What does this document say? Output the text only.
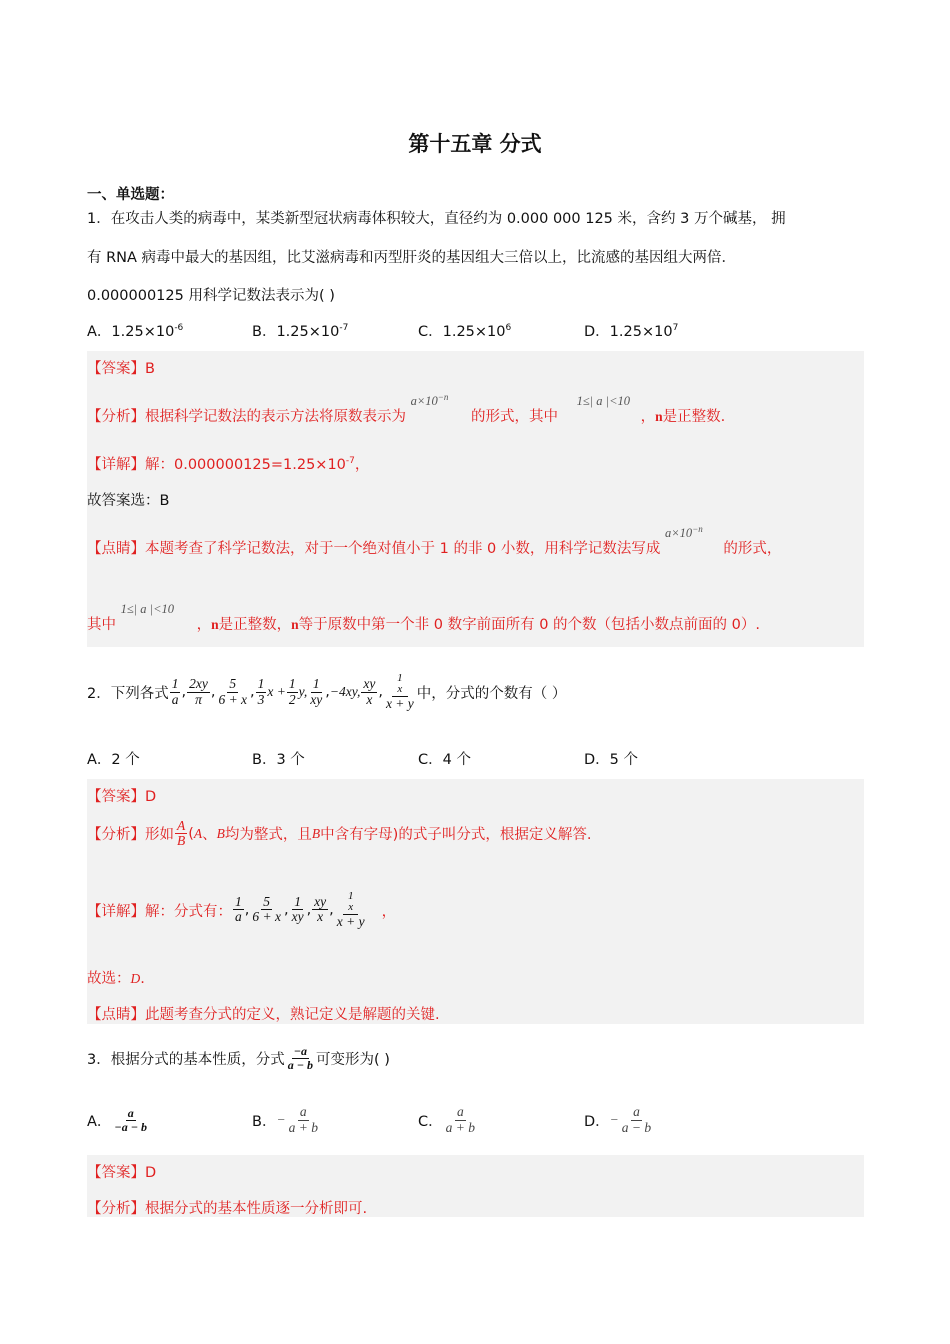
第十五章 分式
一、单选题：
1．在攻击人类的病毒中，某类新型冠状病毒体积较大，直径约为 0.000 000 125 米，含约 3 万个碱基， 拥
有 RNA 病毒中最大的基因组，比艾滋病毒和丙型肝炎的基因组大三倍以上，比流感的基因组大两倍．
0.000000125 用科学记数法表示为( )
A．$1.25\times 10^{-6}$	B．$1.25\times 10^{-7}$	C．$1.25\times 10^6$	D．$1.25\times 10^7$
【答案】B
【分析】根据科学记数法的表示方法将原数表示为 $a\times 10^{-n}$ 的形式，其中 1≤| a |<10 ，n是正整数.
【详解】解：$0.000000125=1.25\times 10^{-7}$，
故答案选：B
【点睛】本题考查了科学记数法，对于一个绝对值小于 1 的非 0 小数，用科学记数法写成 $a\times 10^{-n}$ 的形式，
其中 1≤| a |<10 ，n是正整数，n等于原数中第一个非 0 数字前面所有 0 的个数（包括小数点前面的 0）.
2．下列各式 $\frac{1}{a}$ , $\frac{2xy}{\pi}$ , $\frac{5}{6 + x}$ , $\frac{1}{3}$ $x + \frac{1}{2} y$, $\frac{1}{xy}$ , −4xy, $\frac{xy}{x}$ , 1
x
x + y 中，分式的个数有（ ）
A．2 个	B．3 个	C．4 个	D．5 个
【答案】D
【分析】形如 $\frac{A}{B}$ ( A 、 B 均为整式，且 B 中含有字母)的式子叫分式，根据定义解答.
【详解】解：分式有： $\frac{1}{a}$ , $\frac{5}{6 + x}$ , $\frac{1}{xy}$ , $\frac{xy}{x}$ , 1
x
x + y ，
故选：D.
【点睛】此题考查分式的定义，熟记定义是解题的关键.
3．根据分式的基本性质，分式 $\frac{-a}{a - b}$ 可变形为( )
A． $\frac{a}{-a - b}$	B． − $\frac{a}{a + b}$	C． $\frac{a}{a + b}$	D． − $\frac{a}{a - b}$
【答案】D
【分析】根据分式的基本性质逐一分析即可.
